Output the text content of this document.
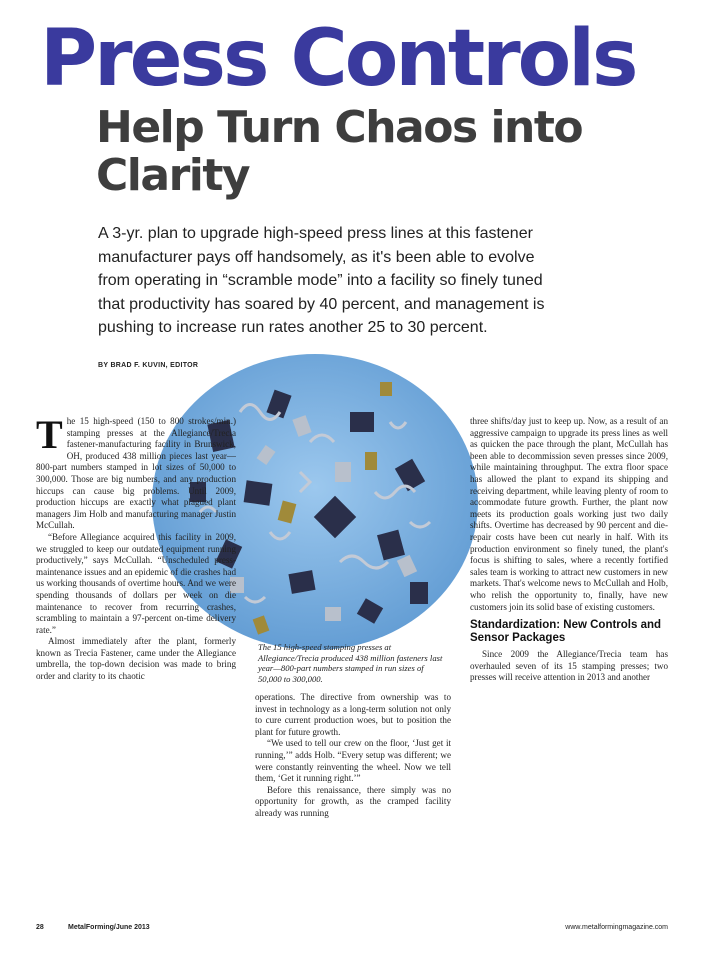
Press Controls
Help Turn Chaos into Clarity
A 3-yr. plan to upgrade high-speed press lines at this fastener manufacturer pays off handsomely, as it's been able to evolve from operating in “scramble mode” into a facility so finely tuned that productivity has soared by 40 percent, and management is pushing to increase run rates another 25 to 30 percent.
BY BRAD F. KUVIN, EDITOR
T he 15 high-speed (150 to 800 strokes/min.) stamping presses at the Allegiance/Trecia fastener-manufacturing facility in Brunswick, OH, produced 438 million pieces last year—800-part numbers stamped in lot sizes of 50,000 to 300,000. Those are big numbers, and any production hiccups can cause big problems. Until 2009, production hiccups are exactly what plagued plant managers Jim Holb and manufacturing manager Justin McCullah.

“Before Allegiance acquired this facility in 2009, we struggled to keep our outdated equipment running productively,” says McCullah. “Unscheduled press-maintenance issues and an epidemic of die crashes had us working thousands of overtime hours. And we were spending thousands of dollars per week on die maintenance to recover from recurring crashes, scrambling to maintain a 97-percent on-time delivery rate.”

Almost immediately after the plant, formerly known as Trecia Fastener, came under the Allegiance umbrella, the top-down decision was made to bring order and clarity to its chaotic

The 15 high-speed stamping presses at Allegiance/Trecia produced 438 million fasteners last year—800-part numbers stamped in run sizes of 50,000 to 300,000.

operations. The directive from ownership was to invest in technology as a long-term solution not only to cure current production woes, but to position the plant for future growth.

“We used to tell our crew on the floor, ‘Just get it running,’” adds Holb. “Every setup was different; we were constantly reinventing the wheel. Now we tell them, ‘Get it running right.’”

Before this renaissance, there simply was no opportunity for growth, as the cramped facility already was running

three shifts/day just to keep up. Now, as a result of an aggressive campaign to upgrade its press lines as well as quicken the pace through the plant, McCullah has been able to decommission seven presses since 2009, while maintaining throughput. The extra floor space has allowed the plant to expand its shipping and receiving department, while leaving plenty of room to accommodate future growth. Further, the plant now meets its production goals working just two daily shifts. Overtime has decreased by 90 percent and die-repair costs have been cut nearly in half. With its production environment so finely tuned, the plant's focus is shifting to sales, where a recently fortified sales team is working to attract new customers in new markets. That's welcome news to McCullah and Holb, who relish the opportunity to, finally, have new customers join its solid base of existing customers.

Standardization: New Controls and Sensor Packages

Since 2009 the Allegiance/Trecia team has overhauled seven of its 15 stamping presses; two presses will receive attention in 2013 and another

28	MetalForming/June 2013	www.metalformingmagazine.com
